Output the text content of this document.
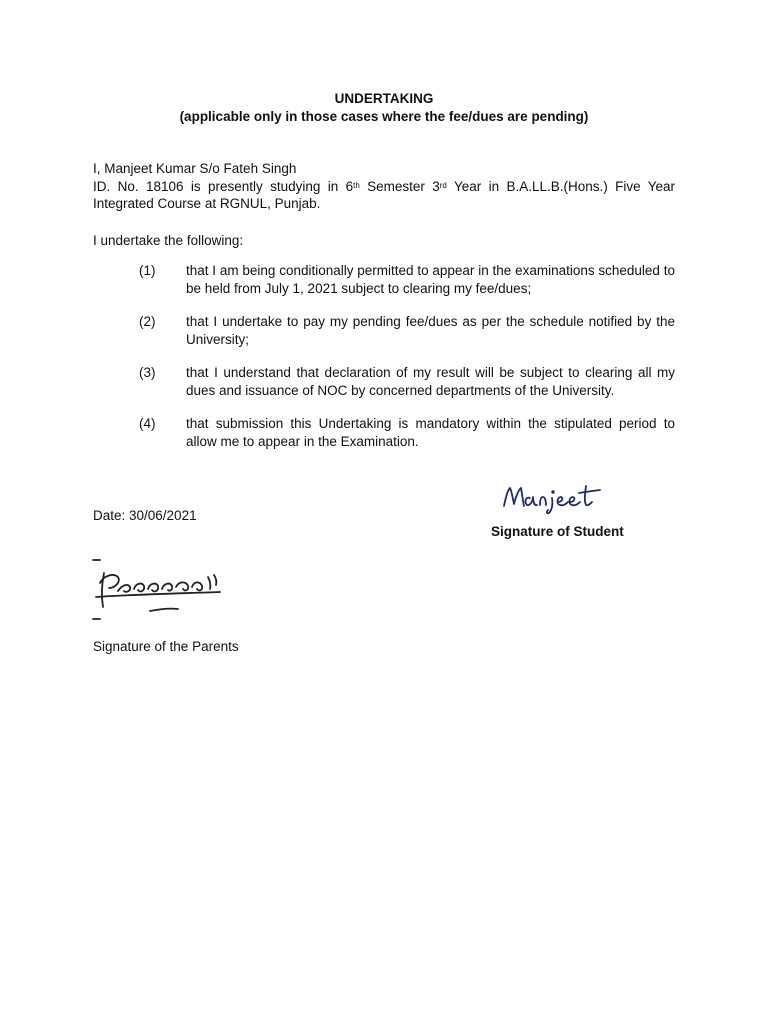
UNDERTAKING
(applicable only in those cases where the fee/dues are pending)
I, Manjeet Kumar S/o Fateh Singh
ID. No. 18106 is presently studying in 6th Semester 3rd Year in B.A.LL.B.(Hons.) Five Year
Integrated Course at RGNUL, Punjab.
I undertake the following:
(1)	that I am being conditionally permitted to appear in the examinations scheduled to be held from July 1, 2021 subject to clearing my fee/dues;
(2)	that I undertake to pay my pending fee/dues as per the schedule notified by the University;
(3)	that I understand that declaration of my result will be subject to clearing all my dues and issuance of NOC by concerned departments of the University.
(4)	that submission this Undertaking is mandatory within the stipulated period to allow me to appear in the Examination.
Signature of Student
Date: 30/06/2021
Signature of the Parents
